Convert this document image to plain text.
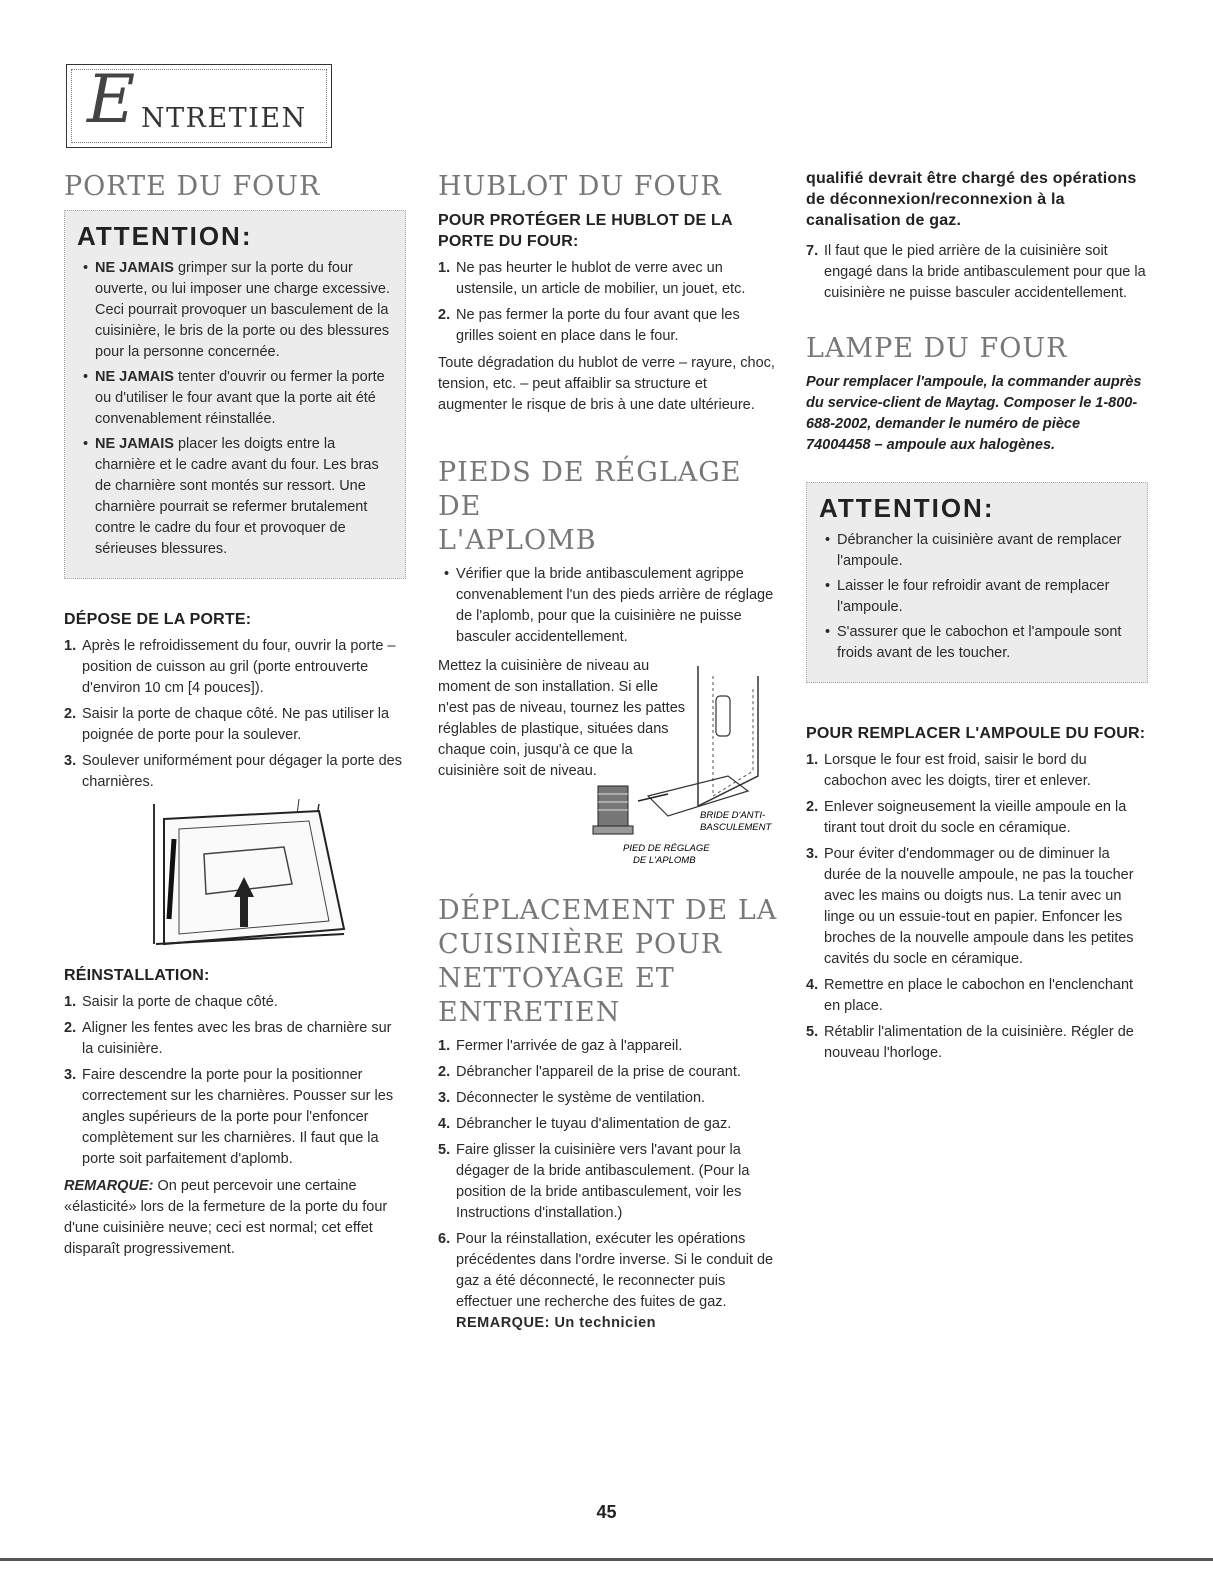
E NTRETIEN
PORTE DU FOUR
ATTENTION:
• NE JAMAIS grimper sur la porte du four ouverte, ou lui imposer une charge excessive. Ceci pourrait provoquer un basculement de la cuisinière, le bris de la porte ou des blessures pour la personne concernée.
• NE JAMAIS tenter d'ouvrir ou fermer la porte ou d'utiliser le four avant que la porte ait été convenablement réinstallée.
• NE JAMAIS placer les doigts entre la charnière et le cadre avant du four. Les bras de charnière sont montés sur ressort. Une charnière pourrait se refermer brutalement contre le cadre du four et provoquer de sérieuses blessures.
DÉPOSE DE LA PORTE:
1. Après le refroidissement du four, ouvrir la porte – position de cuisson au gril (porte entrouverte d'environ 10 cm [4 pouces]).
2. Saisir la porte de chaque côté. Ne pas utiliser la poignée de porte pour la soulever.
3. Soulever uniformément pour dégager la porte des charnières.
RÉINSTALLATION:
1. Saisir la porte de chaque côté.
2. Aligner les fentes avec les bras de charnière sur la cuisinière.
3. Faire descendre la porte pour la positionner correctement sur les charnières. Pousser sur les angles supérieurs de la porte pour l'enfoncer complètement sur les charnières. Il faut que la porte soit parfaitement d'aplomb.

REMARQUE: On peut percevoir une certaine «élasticité» lors de la fermeture de la porte du four d'une cuisinière neuve; ceci est normal; cet effet disparaît progressivement.

HUBLOT DU FOUR
POUR PROTÉGER LE HUBLOT DE LA PORTE DU FOUR:
1. Ne pas heurter le hublot de verre avec un ustensile, un article de mobilier, un jouet, etc.
2. Ne pas fermer la porte du four avant que les grilles soient en place dans le four.

Toute dégradation du hublot de verre – rayure, choc, tension, etc. – peut affaiblir sa structure et augmenter le risque de bris à une date ultérieure.

PIEDS DE RÉGLAGE DE
L'APLOMB
• Vérifier que la bride antibasculement agrippe convenablement l'un des pieds arrière de réglage de l'aplomb, pour que la cuisinière ne puisse basculer accidentellement.
Mettez la cuisinière de niveau au moment de son installation. Si elle n'est pas de niveau, tournez les pattes réglables de plastique, situées dans chaque coin, jusqu'à ce que la cuisinière soit de niveau.
BRIDE D'ANTI-
BASCULEMENT
PIED DE RÉGLAGE
DE L'APLOMB
DÉPLACEMENT DE LA
CUISINIÈRE POUR
NETTOYAGE ET ENTRETIEN
1. Fermer l'arrivée de gaz à l'appareil.
2. Débrancher l'appareil de la prise de courant.
3. Déconnecter le système de ventilation.
4. Débrancher le tuyau d'alimentation de gaz.
5. Faire glisser la cuisinière vers l'avant pour la dégager de la bride antibasculement. (Pour la position de la bride antibasculement, voir les Instructions d'installation.)
6. Pour la réinstallation, exécuter les opérations précédentes dans l'ordre inverse. Si le conduit de gaz a été déconnecté, le reconnecter puis effectuer une recherche des fuites de gaz. REMARQUE: Un technicien
qualifié devrait être chargé des opérations de déconnexion/reconnexion à la canalisation de gaz.
7. Il faut que le pied arrière de la cuisinière soit engagé dans la bride antibasculement pour que la cuisinière ne puisse basculer accidentellement.
LAMPE DU FOUR

Pour remplacer l'ampoule, la commander auprès du service-client de Maytag. Composer le 1-800-688-2002, demander le numéro de pièce 74004458 – ampoule aux halogènes.

ATTENTION:
• Débrancher la cuisinière avant de remplacer l'ampoule.
• Laisser le four refroidir avant de remplacer l'ampoule.
• S'assurer que le cabochon et l'ampoule sont froids avant de les toucher.
POUR REMPLACER L'AMPOULE DU FOUR:
1. Lorsque le four est froid, saisir le bord du cabochon avec les doigts, tirer et enlever.
2. Enlever soigneusement la vieille ampoule en la tirant tout droit du socle en céramique.
3. Pour éviter d'endommager ou de diminuer la durée de la nouvelle ampoule, ne pas la toucher avec les mains ou doigts nus. La tenir avec un linge ou un essuie-tout en papier. Enfoncer les broches de la nouvelle ampoule dans les petites cavités du socle en céramique.
4. Remettre en place le cabochon en l'enclenchant en place.
5. Rétablir l'alimentation de la cuisinière. Régler de nouveau l'horloge.
45
